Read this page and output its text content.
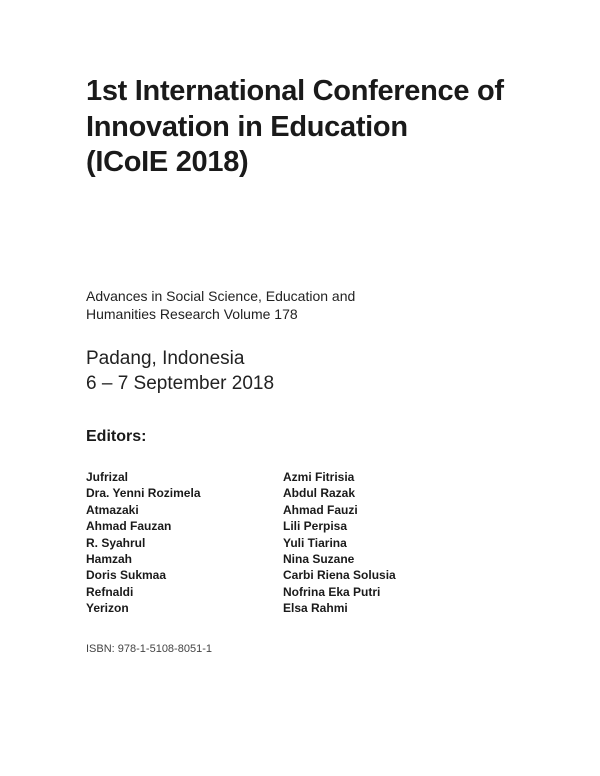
1st International Conference of
Innovation in Education
(ICoIE 2018)
Advances in Social Science, Education and
Humanities Research Volume 178
Padang, Indonesia
6 – 7 September 2018
Editors:
Jufrizal
Dra. Yenni Rozimela
Atmazaki
Ahmad Fauzan
R. Syahrul
Hamzah
Doris Sukmaa
Refnaldi
Yerizon
Azmi Fitrisia
Abdul Razak
Ahmad Fauzi
Lili Perpisa
Yuli Tiarina
Nina Suzane
Carbi Riena Solusia
Nofrina Eka Putri
Elsa Rahmi
ISBN: 978-1-5108-8051-1
